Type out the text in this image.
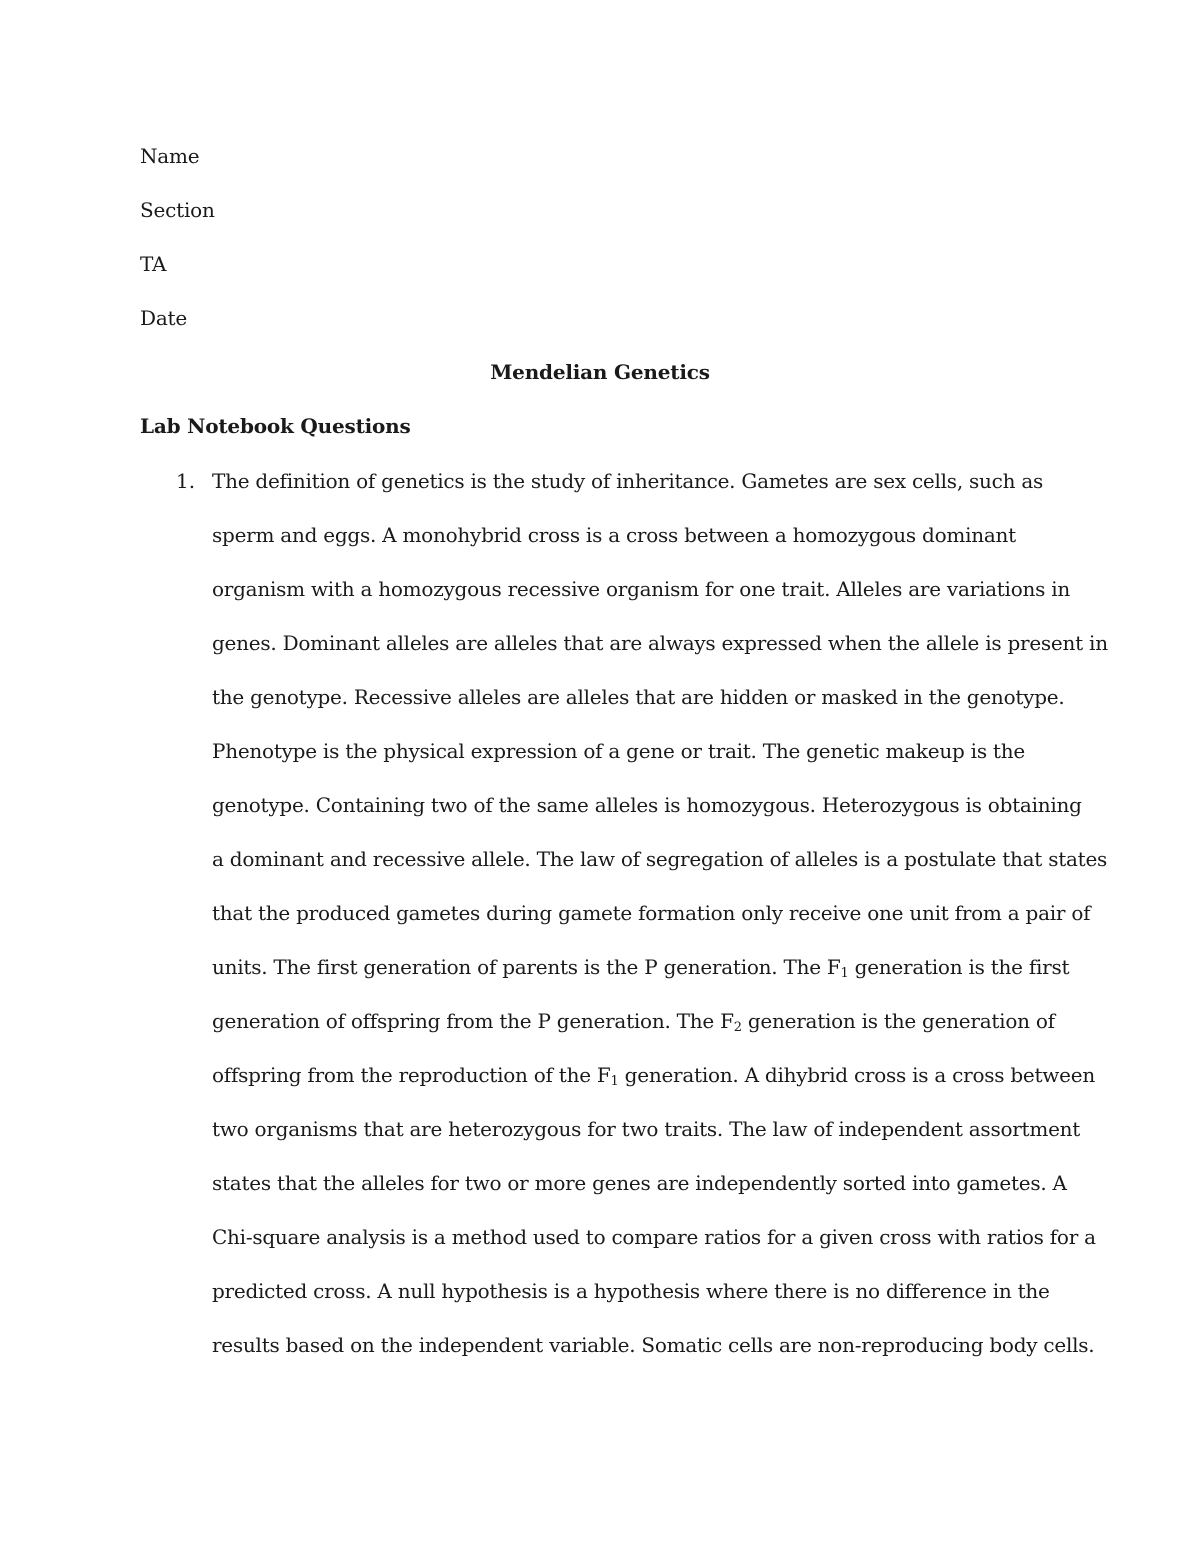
Name
Section
TA
Date
Mendelian Genetics
Lab Notebook Questions
1. The definition of genetics is the study of inheritance. Gametes are sex cells, such as
sperm and eggs. A monohybrid cross is a cross between a homozygous dominant
organism with a homozygous recessive organism for one trait. Alleles are variations in
genes. Dominant alleles are alleles that are always expressed when the allele is present in
the genotype. Recessive alleles are alleles that are hidden or masked in the genotype.
Phenotype is the physical expression of a gene or trait. The genetic makeup is the
genotype. Containing two of the same alleles is homozygous. Heterozygous is obtaining
a dominant and recessive allele. The law of segregation of alleles is a postulate that states
that the produced gametes during gamete formation only receive one unit from a pair of
units. The first generation of parents is the P generation. The $F_1$ generation is the first
generation of offspring from the P generation. The $F_2$ generation is the generation of
offspring from the reproduction of the $F_1$ generation. A dihybrid cross is a cross between
two organisms that are heterozygous for two traits. The law of independent assortment
states that the alleles for two or more genes are independently sorted into gametes. A
Chi-square analysis is a method used to compare ratios for a given cross with ratios for a
predicted cross. A null hypothesis is a hypothesis where there is no difference in the
results based on the independent variable. Somatic cells are non-reproducing body cells.
